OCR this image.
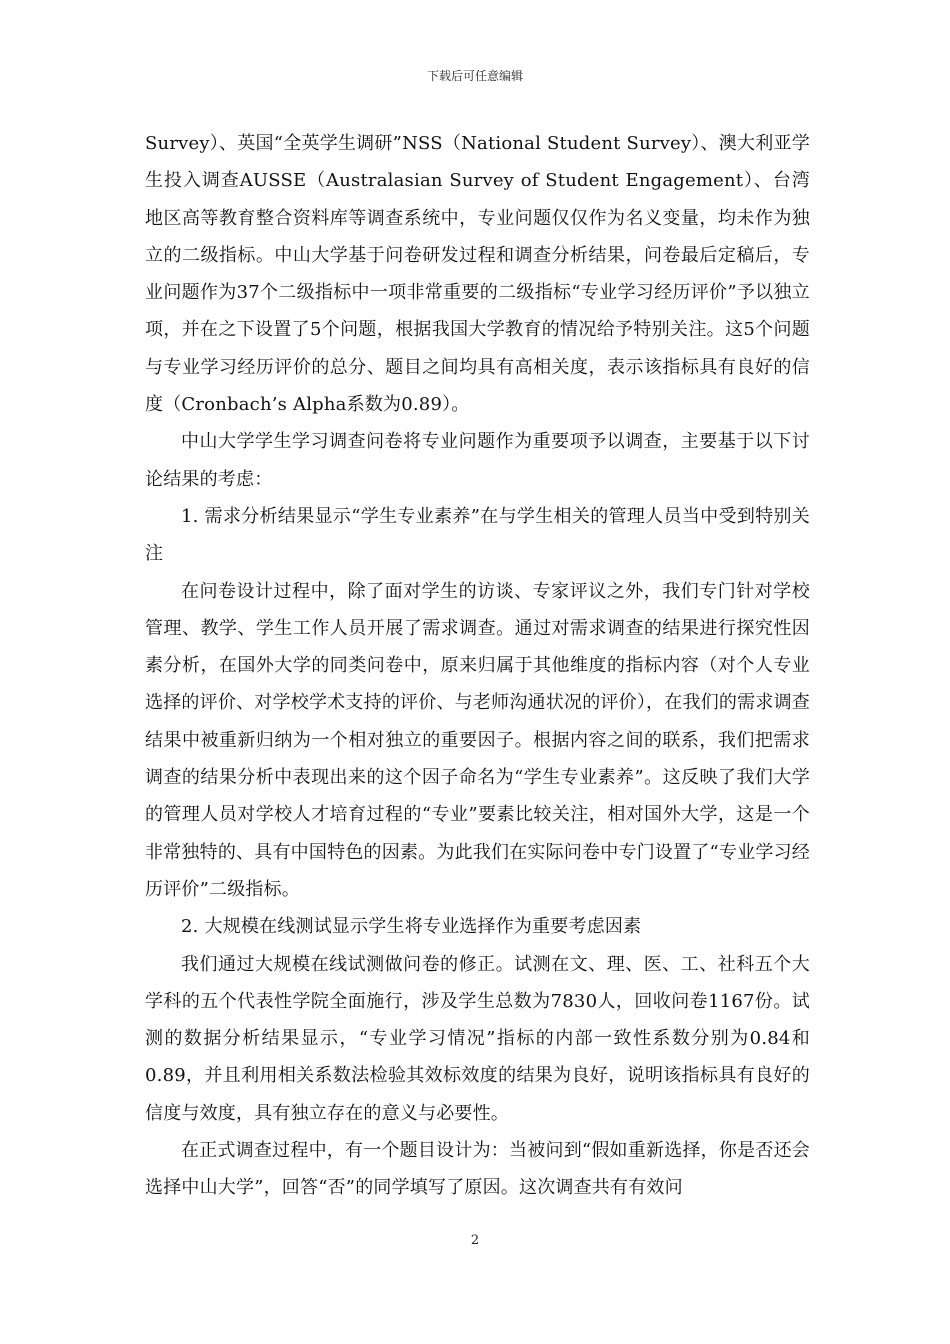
下载后可任意编辑

Survey）、英国“全英学生调研”NSS（National Student Survey）、澳大利亚学生投入调查AUSSE（Australasian Survey of Student Engagement）、台湾地区高等教育整合资料库等调查系统中，专业问题仅仅作为名义变量，均未作为独立的二级指标。中山大学基于问卷研发过程和调查分析结果，问卷最后定稿后，专业问题作为37个二级指标中一项非常重要的二级指标“专业学习经历评价”予以独立项，并在之下设置了5个问题，根据我国大学教育的情况给予特别关注。这5个问题与专业学习经历评价的总分、题目之间均具有高相关度，表示该指标具有良好的信度（Cronbach’s Alpha系数为0.89）。

中山大学学生学习调查问卷将专业问题作为重要项予以调查，主要基于以下讨论结果的考虑：

1. 需求分析结果显示“学生专业素养”在与学生相关的管理人员当中受到特别关注

在问卷设计过程中，除了面对学生的访谈、专家评议之外，我们专门针对学校管理、教学、学生工作人员开展了需求调查。通过对需求调查的结果进行探究性因素分析，在国外大学的同类问卷中，原来归属于其他维度的指标内容（对个人专业选择的评价、对学校学术支持的评价、与老师沟通状况的评价），在我们的需求调查结果中被重新归纳为一个相对独立的重要因子。根据内容之间的联系，我们把需求调查的结果分析中表现出来的这个因子命名为“学生专业素养”。这反映了我们大学的管理人员对学校人才培育过程的“专业”要素比较关注，相对国外大学，这是一个非常独特的、具有中国特色的因素。为此我们在实际问卷中专门设置了“专业学习经历评价”二级指标。

2. 大规模在线测试显示学生将专业选择作为重要考虑因素

我们通过大规模在线试测做问卷的修正。试测在文、理、医、工、社科五个大学科的五个代表性学院全面施行，涉及学生总数为7830人，回收问卷1167份。试测的数据分析结果显示，“专业学习情况”指标的内部一致性系数分别为0.84和0.89，并且利用相关系数法检验其效标效度的结果为良好，说明该指标具有良好的信度与效度，具有独立存在的意义与必要性。

在正式调查过程中，有一个题目设计为：当被问到“假如重新选择，你是否还会选择中山大学”，回答“否”的同学填写了原因。这次调查共有有效问

2
